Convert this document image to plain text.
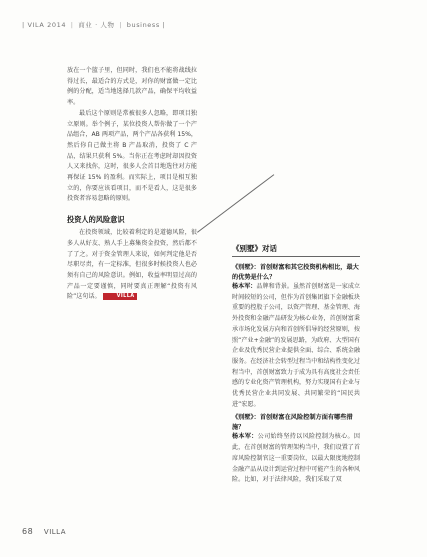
| VILA 2014 | 商业 · 人物 | business |

放在一个篮子里，但同时，我们也不能将战线拉得过长，最适合的方式是，对你的财富做一定比例的分配，适当地选择几款产品，确保平均收益率。

最后这个原则是常被很多人忽略，即项目独立原则。举个例子，某位投资人帮你做了一个产品组合，AB 两项产品，两个产品各获利 15%，然后你自己做主将 B 产品取消，投资了 C 产品，结果只获利 5%。当你正在考虑时却因投资人又来找你，这时，很多人会首目地选往对方能再保证 15% 的盈利。而实际上，项目是相互独立的，你要应该看项目，而不是看人，这是很多投资者容易忽略的原则。

投资人的风险意识

在投资领域，比较着利定的是道德风险，很多人从好友、熟人手上募集资金投资，然后都不了了之。对于资金管理人来说，如何判定他是否尽职尽责，有一定标准，但很多时候投资人也必须有自己的风险意识。例如，收益率明显过高的产品一定要谨慎，同时要真正理解“投资有风险”这句话。	VILLA

《别墅》对话
《别墅》：首创财富和其它投资机构相比，最大的优势是什么？

杨本军：品牌和背景。虽然首创财富是一家成立时间较短的公司，但作为首创集团旗下金融板块重要的控股子公司，以资产管理、基金管理、海外投资和金融产品研发为核心业务，首创财富秉承市场化发展方向和首创所倡导的经营原则，按照“产业+金融”的发展思路，为政府、大型国有企业及优秀民营企业提供全面、综合、系统金融服务。在经济社会转型过程当中和结构性变化过程当中，首创财富致力于成为具有高度社会责任感的专业化资产管理机构，努力实现国有企业与优秀民营企业共同发展、共同繁荣的“国民共进”宏愿。

《别墅》：首创财富在风险控制方面有哪些措施？

杨本军：公司始终坚持以风险控制为核心。因此，在首创财富的管理架构当中，我们设置了首席风险控制官这一重要岗位，以最大限度地控制金融产品从设计到运营过程中可能产生的各种风险。比如，对于法律风险，我们采取了双

68 VILLA
